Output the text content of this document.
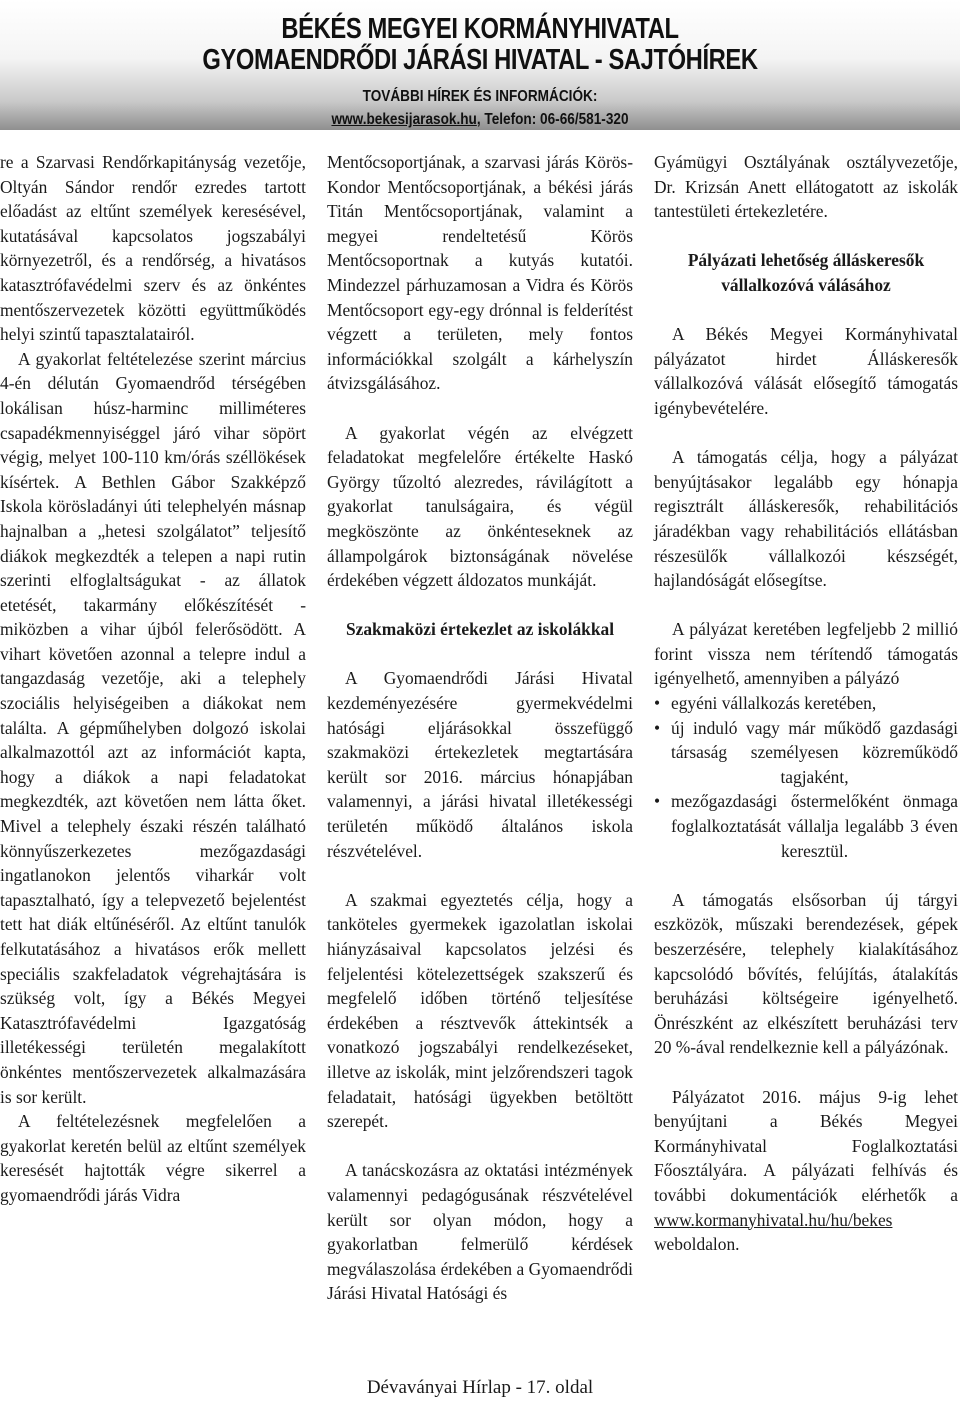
BÉKÉS MEGYEI KORMÁNYHIVATAL
GYOMAENDRŐDI JÁRÁSI HIVATAL - SAJTÓHÍREK
TOVÁBBI HÍREK ÉS INFORMÁCIÓK:
www.bekesijarasok.hu, Telefon: 06-66/581-320

re a Szarvasi Rendőrkapitányság vezetője, Oltyán Sándor rendőr ezredes tartott előadást az eltűnt személyek keresésével, kutatásával kapcsolatos jogszabályi környezetről, és a rendőrség, a hivatásos katasztrófavédelmi szerv és az önkéntes mentőszervezetek közötti együttműködés helyi szintű tapasztalatairól.

A gyakorlat feltételezése szerint március 4-én délután Gyomaendrőd térségében lokálisan húsz-harminc milliméteres csapadékmennyiséggel járó vihar söpört végig, melyet 100-110 km/órás széllökések kísértek. A Bethlen Gábor Szakképző Iskola körösladányi úti telephelyén másnap hajnalban a „hetesi szolgálatot” teljesítő diákok megkezdték a telepen a napi rutin szerinti elfoglaltságukat - az állatok etetését, takarmány előkészítését - miközben a vihar újból felerősödött. A vihart követően azonnal a telepre indul a tangazdaság vezetője, aki a telephely szociális helyiségeiben a diákokat nem találta. A gépműhelyben dolgozó iskolai alkalmazottól azt az információt kapta, hogy a diákok a napi feladatokat megkezdték, azt követően nem látta őket. Mivel a telephely északi részén található könnyűszerkezetes mezőgazdasági ingatlanokon jelentős viharkár volt tapasztalható, így a telepvezető bejelentést tett hat diák eltűnéséről. Az eltűnt tanulók felkutatásához a hivatásos erők mellett speciális szakfeladatok végrehajtására is szükség volt, így a Békés Megyei Katasztrófavédelmi Igazgatóság illetékességi területén megalakított önkéntes mentőszervezetek alkalmazására is sor került.

A feltételezésnek megfelelően a gyakorlat keretén belül az eltűnt személyek keresését hajtották végre sikerrel a gyomaendrődi járás Vidra

Mentőcsoportjának, a szarvasi járás Körös-Kondor Mentőcsoportjának, a békési járás Titán Mentőcsoportjának, valamint a megyei rendeltetésű Körös Mentőcsoportnak a kutyás kutatói. Mindezzel párhuzamosan a Vidra és Körös Mentőcsoport egy-egy drónnal is felderítést végzett a területen, mely fontos információkkal szolgált a kárhelyszín átvizsgálásához.

A gyakorlat végén az elvégzett feladatokat megfelelőre értékelte Haskó György tűzoltó alezredes, rávilágított a gyakorlat tanulságaira, és végül megköszönte az önkénteseknek az állampolgárok biztonságának növelése érdekében végzett áldozatos munkáját.

Szakmaközi értekezlet az iskolákkal

A Gyomaendrődi Járási Hivatal kezdeményezésére gyermekvédelmi hatósági eljárásokkal összefüggő szakmaközi értekezletek megtartására került sor 2016. március hónapjában valamennyi, a járási hivatal illetékességi területén működő általános iskola részvételével.

A szakmai egyeztetés célja, hogy a tanköteles gyermekek igazolatlan iskolai hiányzásaival kapcsolatos jelzési és feljelentési kötelezettségek szakszerű és megfelelő időben történő teljesítése érdekében a résztvevők áttekintsék a vonatkozó jogszabályi rendelkezéseket, illetve az iskolák, mint jelzőrendszeri tagok feladatait, hatósági ügyekben betöltött szerepét.

A tanácskozásra az oktatási intézmények valamennyi pedagógusának részvételével került sor olyan módon, hogy a gyakorlatban felmerülő kérdések megválaszolása érdekében a Gyomaendrődi Járási Hivatal Hatósági és

Gyámügyi Osztályának osztályvezetője, Dr. Krizsán Anett ellátogatott az iskolák tantestületi értekezletére.

Pályázati lehetőség álláskeresők vállalkozóvá válásához

A Békés Megyei Kormányhivatal pályázatot hirdet Álláskeresők vállalkozóvá válását elősegítő támogatás igénybevételére.

A támogatás célja, hogy a pályázat benyújtásakor legalább egy hónapja regisztrált álláskeresők, rehabilitációs járadékban vagy rehabilitációs ellátásban részesülők vállalkozói készségét, hajlandóságát elősegítse.

A pályázat keretében legfeljebb 2 millió forint vissza nem térítendő támogatás igényelhető, amennyiben a pályázó

• egyéni vállalkozás keretében,
• új induló vagy már működő gazdasági társaság személyesen közreműködő tagjaként,
• mezőgazdasági őstermelőként önmaga foglalkoztatását vállalja legalább 3 éven keresztül.

A támogatás elsősorban új tárgyi eszközök, műszaki berendezések, gépek beszerzésére, telephely kialakításához kapcsolódó bővítés, felújítás, átalakítás beruházási költségeire igényelhető. Önrészként az elkészített beruházási terv 20 %-ával rendelkeznie kell a pályázónak.

Pályázatot 2016. május 9-ig lehet benyújtani a Békés Megyei Kormányhivatal Foglalkoztatási Főosztályára. A pályázati felhívás és további dokumentációk elérhetők a www.kormanyhivatal.hu/hu/bekes
weboldalon.

Dévaványai Hírlap - 17. oldal
